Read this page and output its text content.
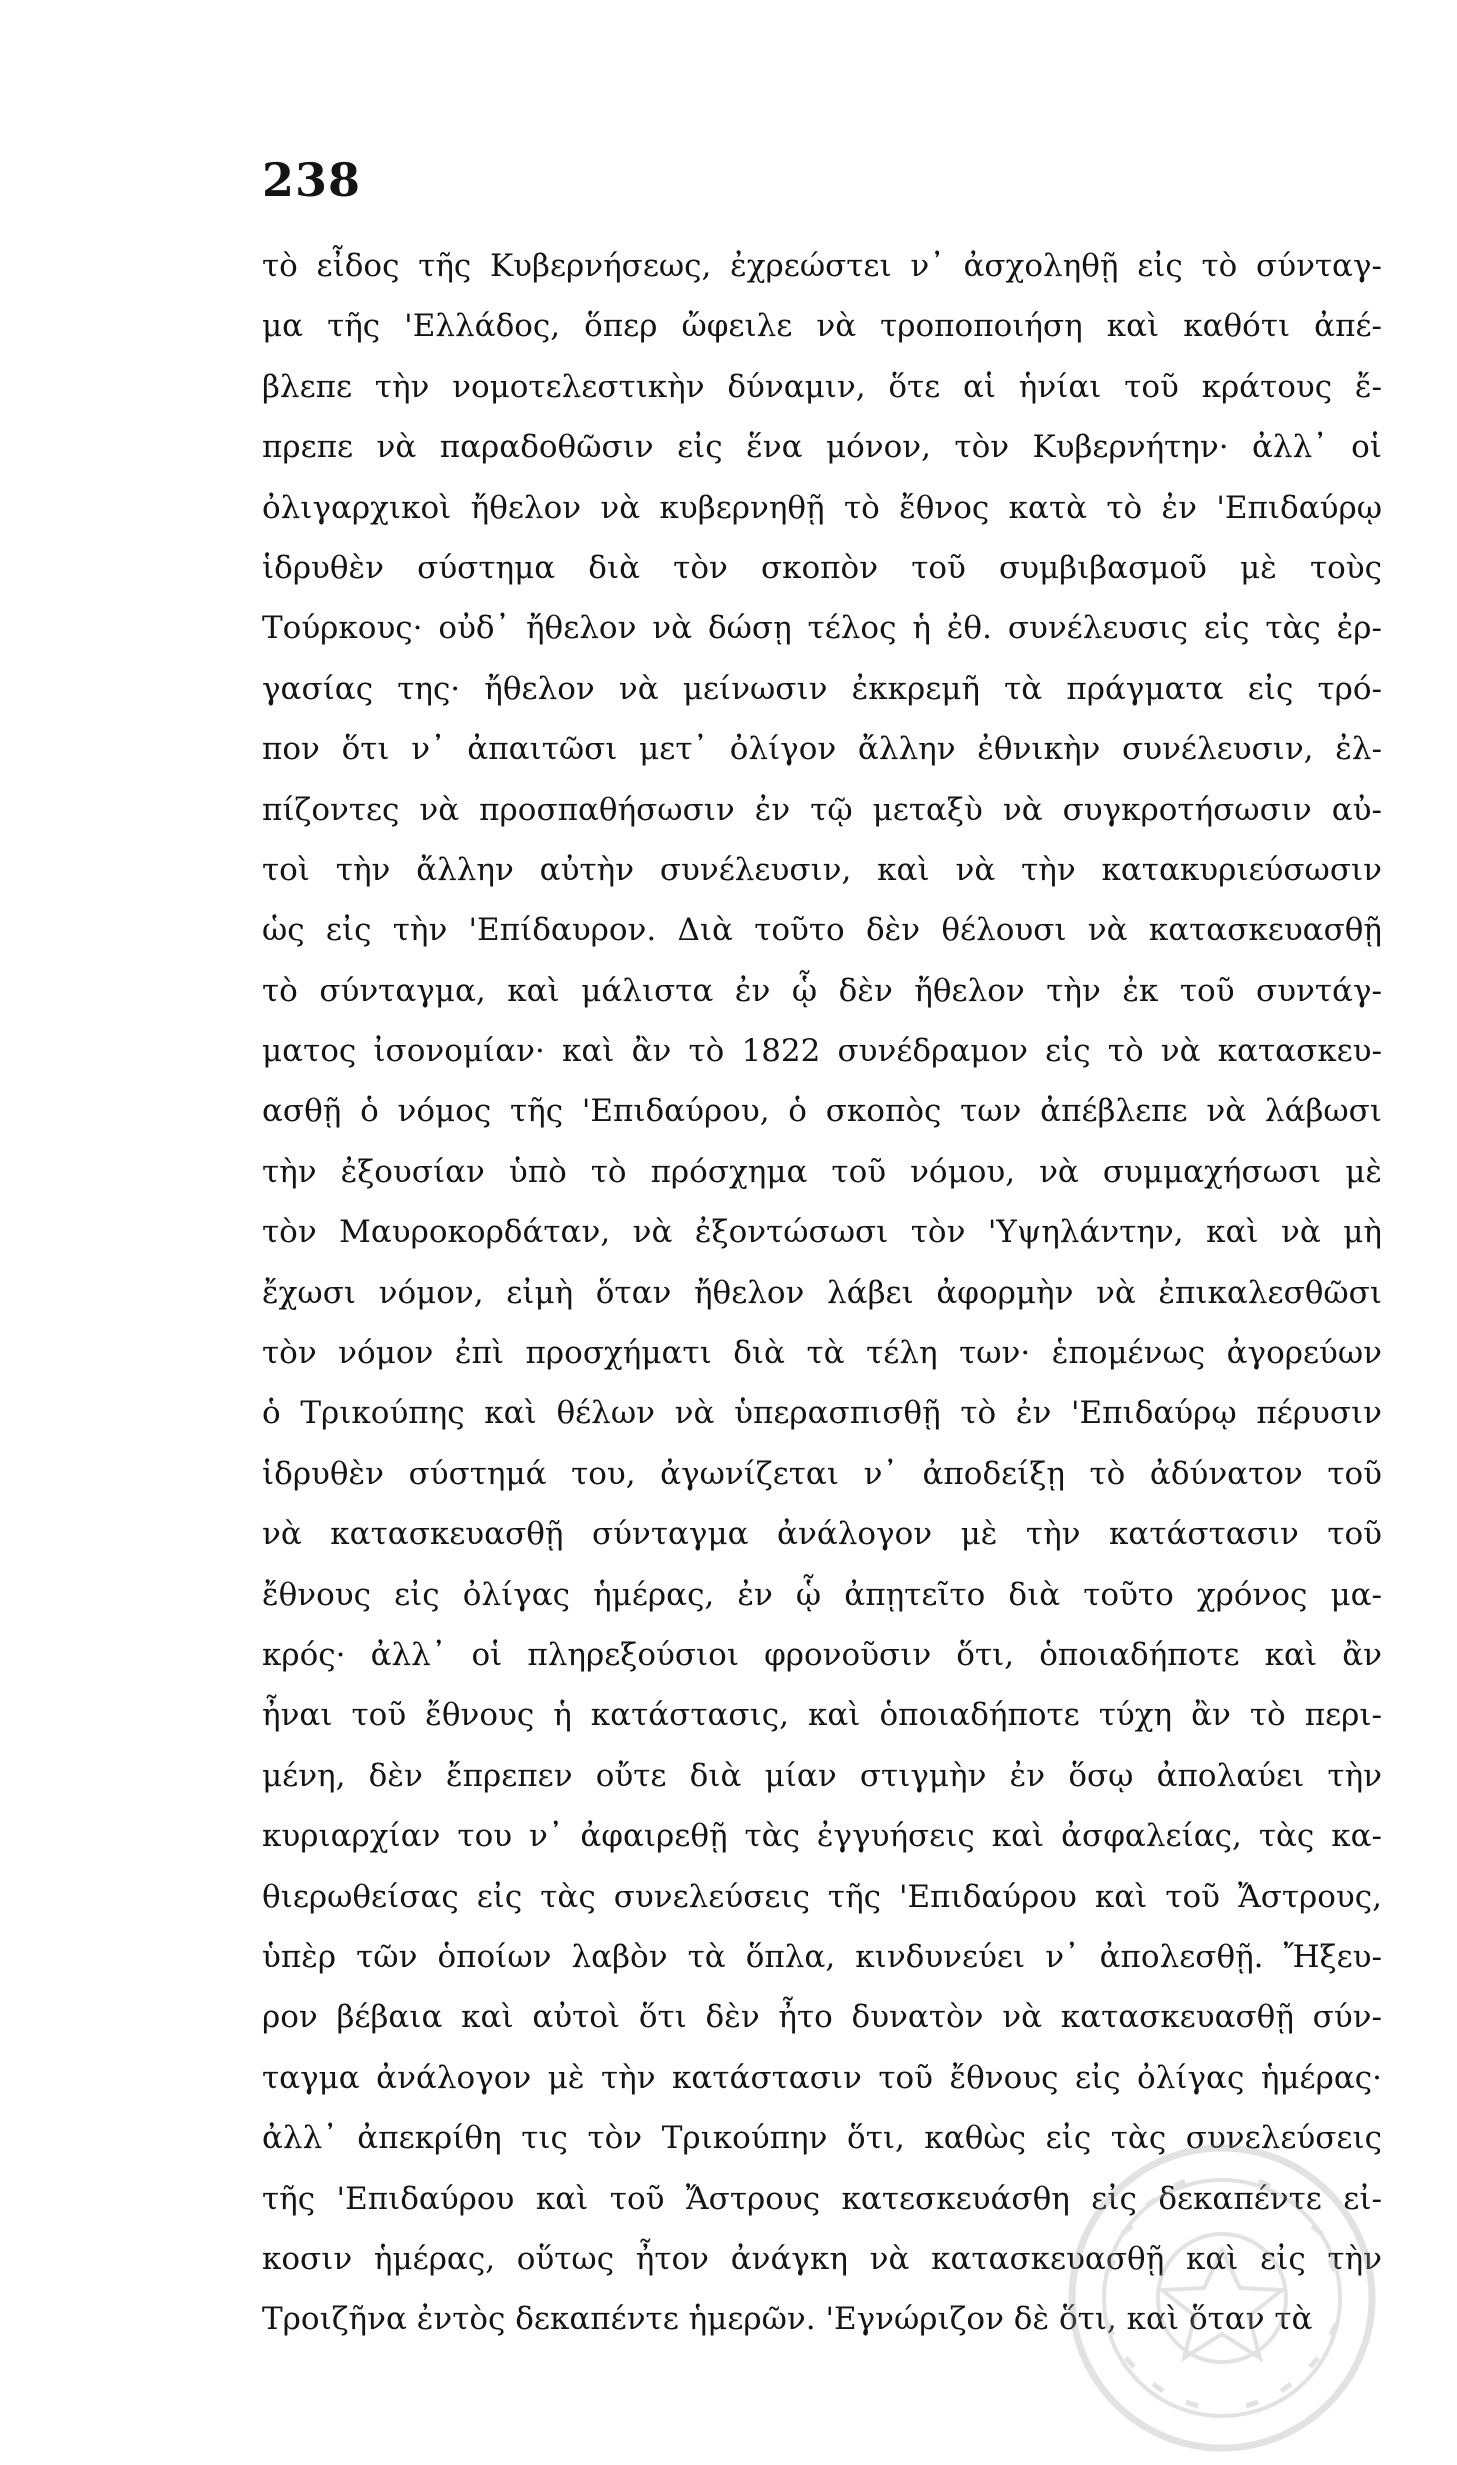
238
τὸ εἶδος τῆς Κυβερνήσεως, ἐχρεώστει ν᾽ ἀσχοληθῇ εἰς τὸ σύνταγ-
μα τῆς 'Ελλάδος, ὅπερ ὤφειλε νὰ τροποποιήση καὶ καθότι ἀπέ-
βλεπε τὴν νομοτελεστικὴν δύναμιν, ὅτε αἱ ἡνίαι τοῦ κράτους ἔ-
πρεπε νὰ παραδοθῶσιν εἰς ἕνα μόνον, τὸν Κυβερνήτην· ἀλλ᾽ οἱ
ὀλιγαρχικοὶ ἤθελον νὰ κυβερνηθῇ τὸ ἔθνος κατὰ τὸ ἐν 'Επιδαύρῳ
ἱδρυθὲν σύστημα διὰ τὸν σκοπὸν τοῦ συμβιβασμοῦ μὲ τοὺς
Τούρκους· οὐδ᾽ ἤθελον νὰ δώσῃ τέλος ἡ ἐθ. συνέλευσις εἰς τὰς ἐρ-
γασίας της· ἤθελον νὰ μείνωσιν ἐκκρεμῆ τὰ πράγματα εἰς τρό-
πον ὅτι ν᾽ ἀπαιτῶσι μετ᾽ ὀλίγον ἄλλην ἐθνικὴν συνέλευσιν, ἐλ-
πίζοντες νὰ προσπαθήσωσιν ἐν τῷ μεταξὺ νὰ συγκροτήσωσιν αὐ-
τοὶ τὴν ἄλλην αὐτὴν συνέλευσιν, καὶ νὰ τὴν κατακυριεύσωσιν
ὡς εἰς τὴν 'Επίδαυρον. Διὰ τοῦτο δὲν θέλουσι νὰ κατασκευασθῇ
τὸ σύνταγμα, καὶ μάλιστα ἐν ᾧ δὲν ἤθελον τὴν ἐκ τοῦ συντάγ-
ματος ἰσονομίαν· καὶ ἂν τὸ 1822 συνέδραμον εἰς τὸ νὰ κατασκευ-
ασθῇ ὁ νόμος τῆς 'Επιδαύρου, ὁ σκοπὸς των ἀπέβλεπε νὰ λάβωσι
τὴν ἐξουσίαν ὑπὸ τὸ πρόσχημα τοῦ νόμου, νὰ συμμαχήσωσι μὲ
τὸν Μαυροκορδάταν, νὰ ἐξοντώσωσι τὸν 'Υψηλάντην, καὶ νὰ μὴ
ἔχωσι νόμον, εἰμὴ ὅταν ἤθελον λάβει ἀφορμὴν νὰ ἐπικαλεσθῶσι
τὸν νόμον ἐπὶ προσχήματι διὰ τὰ τέλη των· ἑπομένως ἀγορεύων
ὁ Τρικούπης καὶ θέλων νὰ ὑπερασπισθῇ τὸ ἐν 'Επιδαύρῳ πέρυσιν
ἱδρυθὲν σύστημά του, ἀγωνίζεται ν᾽ ἀποδείξῃ τὸ ἀδύνατον τοῦ
νὰ κατασκευασθῇ σύνταγμα ἀνάλογον μὲ τὴν κατάστασιν τοῦ
ἔθνους εἰς ὀλίγας ἡμέρας, ἐν ᾧ ἀπῃτεῖτο διὰ τοῦτο χρόνος μα-
κρός· ἀλλ᾽ οἱ πληρεξούσιοι φρονοῦσιν ὅτι, ὁποιαδήποτε καὶ ἂν
ἦναι τοῦ ἔθνους ἡ κατάστασις, καὶ ὁποιαδήποτε τύχη ἂν τὸ περι-
μένη, δὲν ἔπρεπεν οὔτε διὰ μίαν στιγμὴν ἐν ὅσῳ ἀπολαύει τὴν
κυριαρχίαν του ν᾽ ἀφαιρεθῇ τὰς ἐγγυήσεις καὶ ἀσφαλείας, τὰς κα-
θιερωθείσας εἰς τὰς συνελεύσεις τῆς 'Επιδαύρου καὶ τοῦ Ἄστρους,
ὑπὲρ τῶν ὁποίων λαβὸν τὰ ὅπλα, κινδυνεύει ν᾽ ἀπολεσθῇ. Ἤξευ-
ρον βέβαια καὶ αὐτοὶ ὅτι δὲν ἦτο δυνατὸν νὰ κατασκευασθῇ σύν-
ταγμα ἀνάλογον μὲ τὴν κατάστασιν τοῦ ἔθνους εἰς ὀλίγας ἡμέρας·
ἀλλ᾽ ἀπεκρίθη τις τὸν Τρικούπην ὅτι, καθὼς εἰς τὰς συνελεύσεις
τῆς 'Επιδαύρου καὶ τοῦ Ἄστρους κατεσκευάσθη εἰς δεκαπέντε εἰ-
κοσιν ἡμέρας, οὕτως ἦτον ἀνάγκη νὰ κατασκευασθῇ καὶ εἰς τὴν
Τροιζῆνα ἐντὸς δεκαπέντε ἡμερῶν. 'Εγνώριζον δὲ ὅτι, καὶ ὅταν τὰ
